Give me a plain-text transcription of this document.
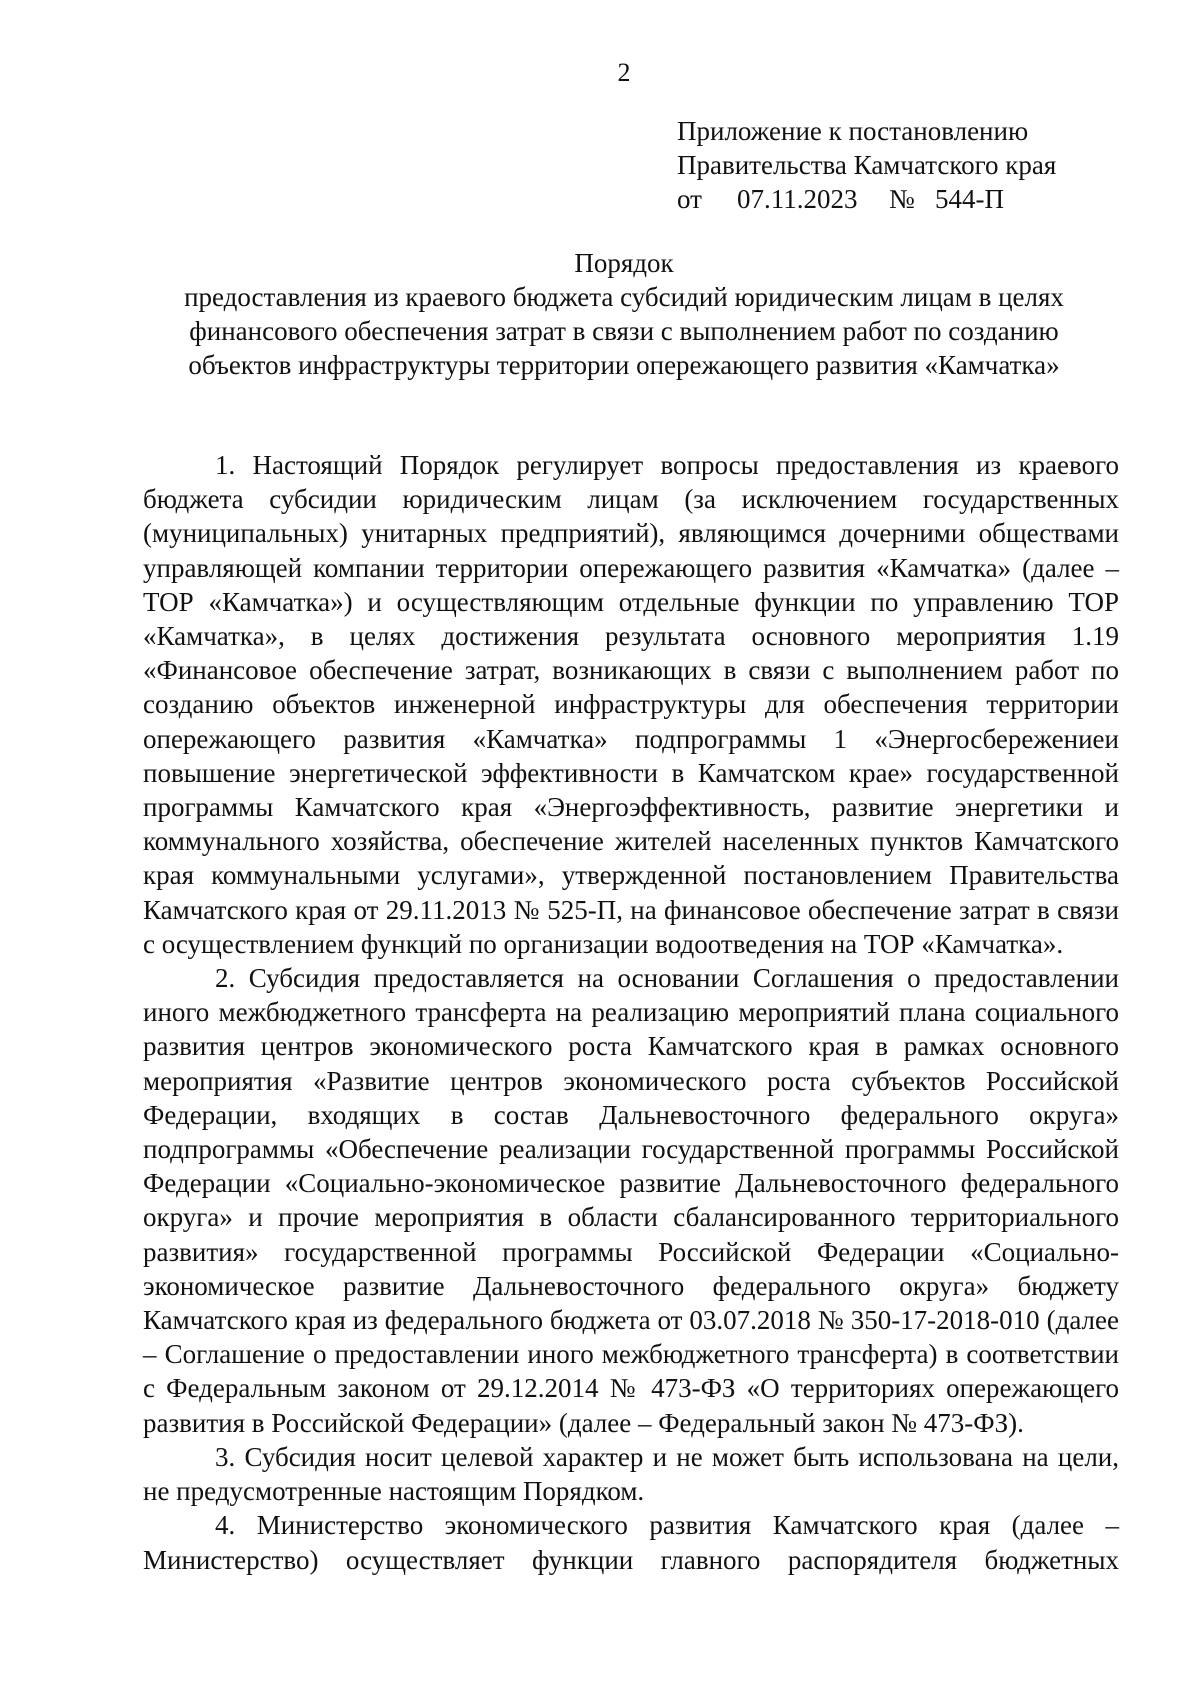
2
Приложение к постановлению
Правительства Камчатского края
от 07.11.2023 № 544-П
Порядок
предоставления из краевого бюджета субсидий юридическим лицам в целях
финансового обеспечения затрат в связи с выполнением работ по созданию
объектов инфраструктуры территории опережающего развития «Камчатка»

1. Настоящий Порядок регулирует вопросы предоставления из краевого бюджета субсидии юридическим лицам (за исключением государственных (муниципальных) унитарных предприятий), являющимся дочерними обществами управляющей компании территории опережающего развития «Камчатка» (далее – ТОР «Камчатка») и осуществляющим отдельные функции по управлению ТОР «Камчатка», в целях достижения результата основного мероприятия 1.19 «Финансовое обеспечение затрат, возникающих в связи с выполнением работ по созданию объектов инженерной инфраструктуры для обеспечения территории опережающего развития «Камчатка» подпрограммы 1 «Энергосбережениеи повышение энергетической эффективности в Камчатском крае» государственной программы Камчатского края «Энергоэффективность, развитие энергетики и коммунального хозяйства, обеспечение жителей населенных пунктов Камчатского края коммунальными услугами», утвержденной постановлением Правительства Камчатского края от 29.11.2013 № 525-П, на финансовое обеспечение затрат в связи с осуществлением функций по организации водоотведения на ТОР «Камчатка».

2. Субсидия предоставляется на основании Соглашения о предоставлении иного межбюджетного трансферта на реализацию мероприятий плана социального развития центров экономического роста Камчатского края в рамках основного мероприятия «Развитие центров экономического роста субъектов Российской Федерации, входящих в состав Дальневосточного федерального округа» подпрограммы «Обеспечение реализации государственной программы Российской Федерации «Социально-экономическое развитие Дальневосточного федерального округа» и прочие мероприятия в области сбалансированного территориального развития» государственной программы Российской Федерации «Социально-экономическое развитие Дальневосточного федерального округа» бюджету Камчатского края из федерального бюджета от 03.07.2018 № 350-17-2018-010 (далее – Соглашение о предоставлении иного межбюджетного трансферта) в соответствии с Федеральным законом от 29.12.2014 № 473-ФЗ «О территориях опережающего развития в Российской Федерации» (далее – Федеральный закон № 473-ФЗ).

3. Субсидия носит целевой характер и не может быть использована на цели, не предусмотренные настоящим Порядком.

4. Министерство экономического развития Камчатского края (далее – Министерство) осуществляет функции главного распорядителя бюджетных
